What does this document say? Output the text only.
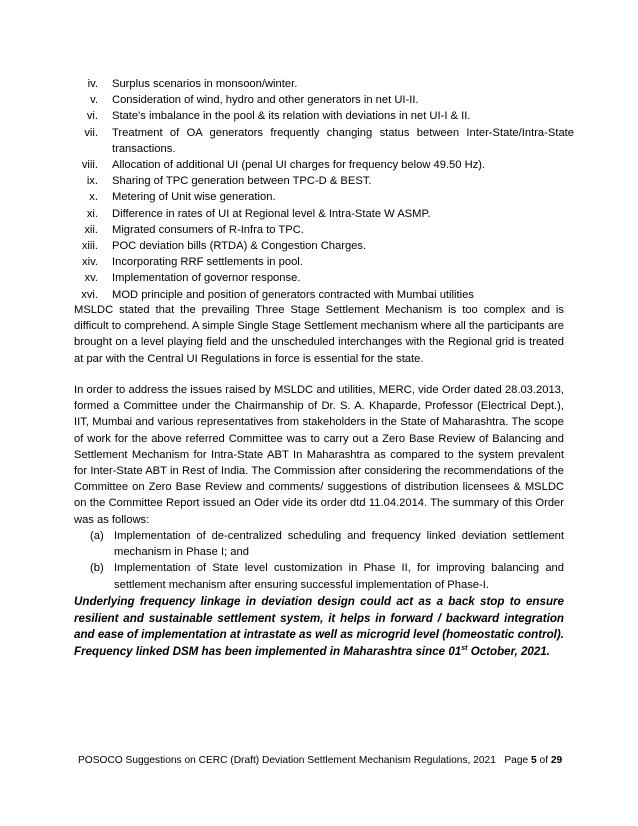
iv. Surplus scenarios in monsoon/winter.
v. Consideration of wind, hydro and other generators in net UI-II.
vi. State's imbalance in the pool & its relation with deviations in net UI-I & II.
vii. Treatment of OA generators frequently changing status between Inter-State/Intra-State transactions.
viii. Allocation of additional UI (penal UI charges for frequency below 49.50 Hz).
ix. Sharing of TPC generation between TPC-D & BEST.
x. Metering of Unit wise generation.
xi. Difference in rates of UI at Regional level & Intra-State W ASMP.
xii. Migrated consumers of R-Infra to TPC.
xiii. POC deviation bills (RTDA) & Congestion Charges.
xiv. Incorporating RRF settlements in pool.
xv. Implementation of governor response.
xvi. MOD principle and position of generators contracted with Mumbai utilities

MSLDC stated that the prevailing Three Stage Settlement Mechanism is too complex and is difficult to comprehend. A simple Single Stage Settlement mechanism where all the participants are brought on a level playing field and the unscheduled interchanges with the Regional grid is treated at par with the Central UI Regulations in force is essential for the state.

In order to address the issues raised by MSLDC and utilities, MERC, vide Order dated 28.03.2013, formed a Committee under the Chairmanship of Dr. S. A. Khaparde, Professor (Electrical Dept.), IIT, Mumbai and various representatives from stakeholders in the State of Maharashtra. The scope of work for the above referred Committee was to carry out a Zero Base Review of Balancing and Settlement Mechanism for Intra-State ABT In Maharashtra as compared to the system prevalent for Inter-State ABT in Rest of India. The Commission after considering the recommendations of the Committee on Zero Base Review and comments/ suggestions of distribution licensees & MSLDC on the Committee Report issued an Oder vide its order dtd 11.04.2014. The summary of this Order was as follows:

(a) Implementation of de-centralized scheduling and frequency linked deviation settlement mechanism in Phase I; and
(b) Implementation of State level customization in Phase II, for improving balancing and settlement mechanism after ensuring successful implementation of Phase-I.

Underlying frequency linkage in deviation design could act as a back stop to ensure resilient and sustainable settlement system, it helps in forward / backward integration and ease of implementation at intrastate as well as microgrid level (homeostatic control). Frequency linked DSM has been implemented in Maharashtra since 01st October, 2021.

POSOCO Suggestions on CERC (Draft) Deviation Settlement Mechanism Regulations, 2021 Page 5 of 29
